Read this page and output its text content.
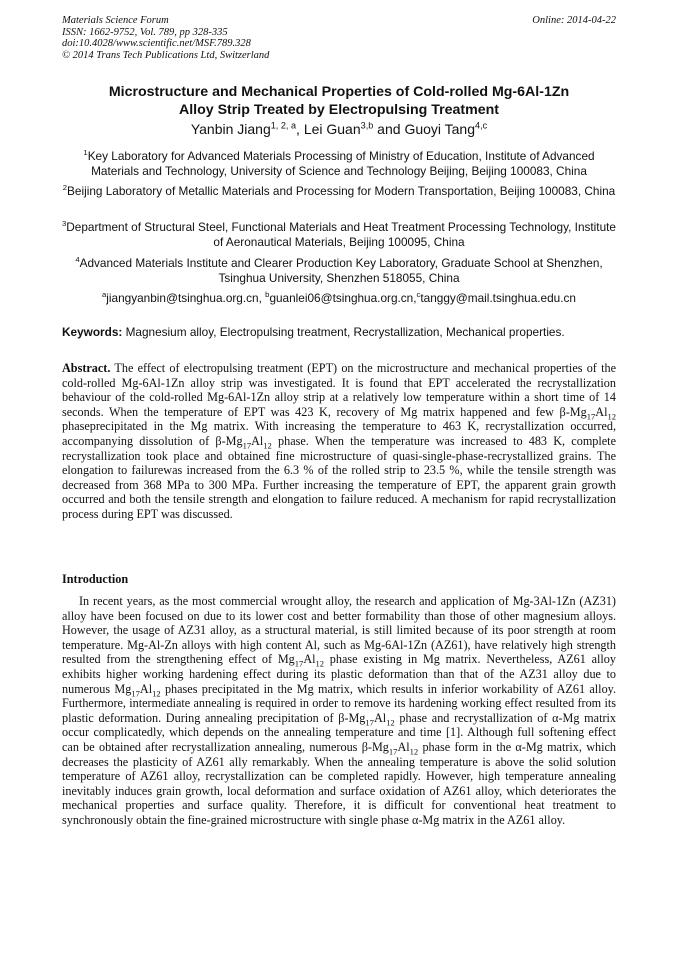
Materials Science Forum
ISSN: 1662-9752, Vol. 789, pp 328-335
doi:10.4028/www.scientific.net/MSF.789.328
© 2014 Trans Tech Publications Ltd, Switzerland
Online: 2014-04-22
Microstructure and Mechanical Properties of Cold-rolled Mg-6Al-1Zn
Alloy Strip Treated by Electropulsing Treatment
Yanbin Jiang$^{1, 2, a}$, Lei Guan$^{3,b}$ and Guoyi Tang$^{4,c}$
$^1$Key Laboratory for Advanced Materials Processing of Ministry of Education, Institute of Advanced Materials and Technology, University of Science and Technology Beijing, Beijing 100083, China
$^2$Beijing Laboratory of Metallic Materials and Processing for Modern Transportation, Beijing 100083, China
$^3$Department of Structural Steel, Functional Materials and Heat Treatment Processing Technology, Institute of Aeronautical Materials, Beijing 100095, China
$^4$Advanced Materials Institute and Clearer Production Key Laboratory, Graduate School at Shenzhen, Tsinghua University, Shenzhen 518055, China
$^a$jiangyanbin@tsinghua.org.cn, $^b$guanlei06@tsinghua.org.cn,$^c$tanggy@mail.tsinghua.edu.cn
Keywords: Magnesium alloy, Electropulsing treatment, Recrystallization, Mechanical properties.
Abstract. The effect of electropulsing treatment (EPT) on the microstructure and mechanical properties of the cold-rolled Mg-6Al-1Zn alloy strip was investigated. It is found that EPT accelerated the recrystallization behaviour of the cold-rolled Mg-6Al-1Zn alloy strip at a relatively low temperature within a short time of 14 seconds. When the temperature of EPT was 423 K, recovery of Mg matrix happened and few $\beta-Mg_{17}Al_{12}$ phaseprecipitated in the Mg matrix. With increasing the temperature to 463 K, recrystallization occurred, accompanying dissolution of $\beta-Mg_{17}Al_{12}$ phase. When the temperature was increased to 483 K, complete recrystallization took place and obtained fine microstructure of quasi-single-phase-recrystallized grains. The elongation to failurewas increased from the 6.3 % of the rolled strip to 23.5 %, while the tensile strength was decreased from 368 MPa to 300 MPa. Further increasing the temperature of EPT, the apparent grain growth occurred and both the tensile strength and elongation to failure reduced. A mechanism for rapid recrystallization process during EPT was discussed.
Introduction
In recent years, as the most commercial wrought alloy, the research and application of Mg-3Al-1Zn (AZ31) alloy have been focused on due to its lower cost and better formability than those of other magnesium alloys. However, the usage of AZ31 alloy, as a structural material, is still limited because of its poor strength at room temperature. Mg-Al-Zn alloys with high content Al, such as Mg-6Al-1Zn (AZ61), have relatively high strength resulted from the strengthening effect of $Mg_{17}Al_{12}$ phase existing in Mg matrix. Nevertheless, AZ61 alloy exhibits higher working hardening effect during its plastic deformation than that of the AZ31 alloy due to numerous $Mg_{17}Al_{12}$ phases precipitated in the Mg matrix, which results in inferior workability of AZ61 alloy. Furthermore, intermediate annealing is required in order to remove its hardening working effect resulted from its plastic deformation. During annealing precipitation of $\beta-Mg_{17}Al_{12}$ phase and recrystallization of α-Mg matrix occur complicatedly, which depends on the annealing temperature and time [1]. Although full softening effect can be obtained after recrystallization annealing, numerous $\beta-Mg_{17}Al_{12}$ phase form in the α-Mg matrix, which decreases the plasticity of AZ61 ally remarkably. When the annealing temperature is above the solid solution temperature of AZ61 alloy, recrystallization can be completed rapidly. However, high temperature annealing inevitably induces grain growth, local deformation and surface oxidation of AZ61 alloy, which deteriorates the mechanical properties and surface quality. Therefore, it is difficult for conventional heat treatment to synchronously obtain the fine-grained microstructure with single phase α-Mg matrix in the AZ61 alloy.
